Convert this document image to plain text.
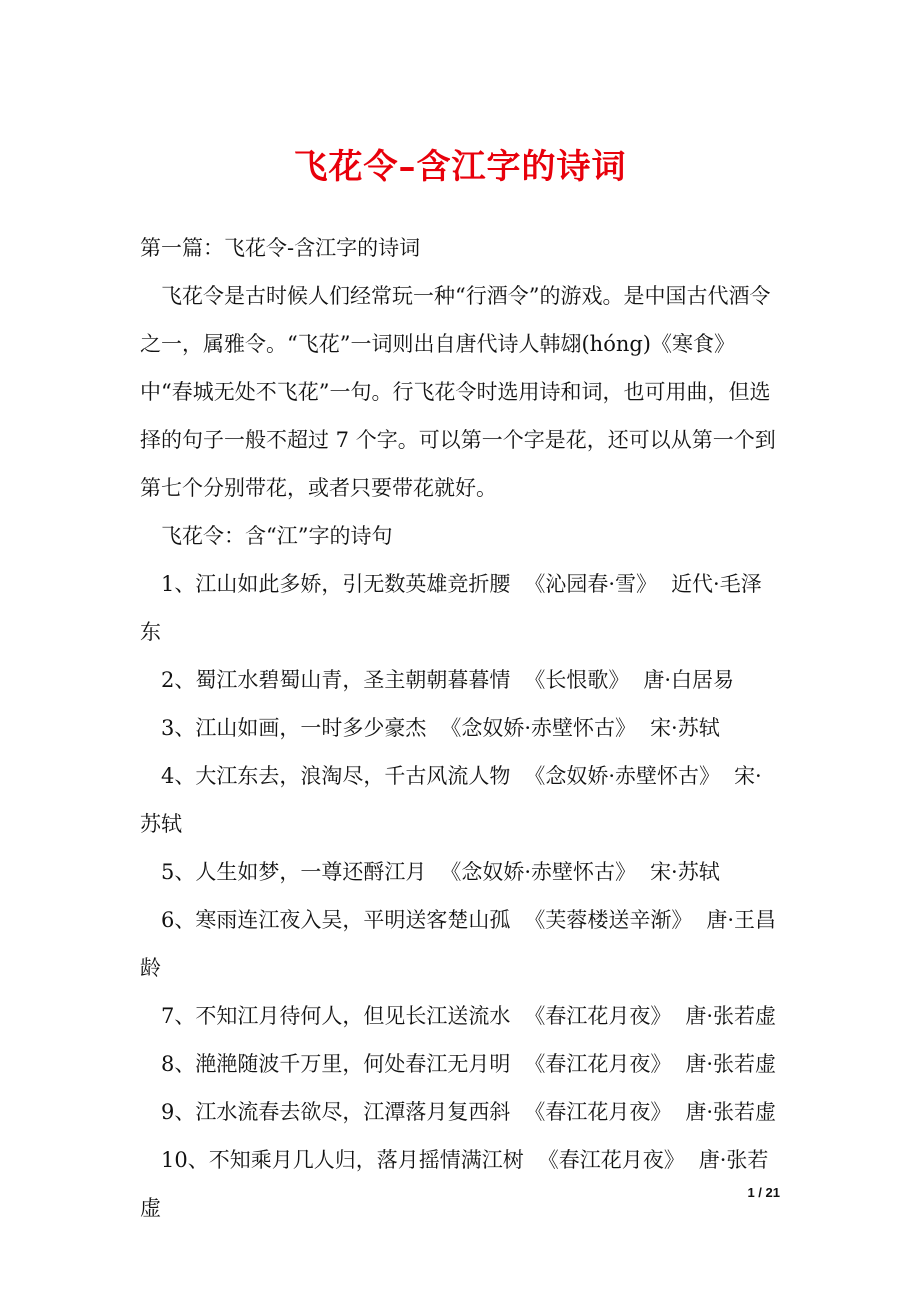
飞花令–含江字的诗词

第一篇：飞花令-含江字的诗词

飞花令是古时候人们经常玩一种“行酒令”的游戏。是中国古代酒令之一，属雅令。“飞花”一词则出自唐代诗人韩翃(hóng)《寒食》中“春城无处不飞花”一句。行飞花令时选用诗和词，也可用曲，但选择的句子一般不超过 7 个字。可以第一个字是花，还可以从第一个到第七个分别带花，或者只要带花就好。

飞花令：含“江”字的诗句

1、江山如此多娇，引无数英雄竞折腰 《沁园春·雪》 近代·毛泽东

2、蜀江水碧蜀山青，圣主朝朝暮暮情 《长恨歌》 唐·白居易

3、江山如画，一时多少豪杰 《念奴娇·赤壁怀古》 宋·苏轼

4、大江东去，浪淘尽，千古风流人物 《念奴娇·赤壁怀古》 宋·苏轼

5、人生如梦，一尊还酹江月 《念奴娇·赤壁怀古》 宋·苏轼

6、寒雨连江夜入吴，平明送客楚山孤 《芙蓉楼送辛渐》 唐·王昌龄

7、不知江月待何人，但见长江送流水 《春江花月夜》 唐·张若虚

8、滟滟随波千万里，何处春江无月明 《春江花月夜》 唐·张若虚

9、江水流春去欲尽，江潭落月复西斜 《春江花月夜》 唐·张若虚

10、不知乘月几人归，落月摇情满江树 《春江花月夜》 唐·张若虚

1 / 21
